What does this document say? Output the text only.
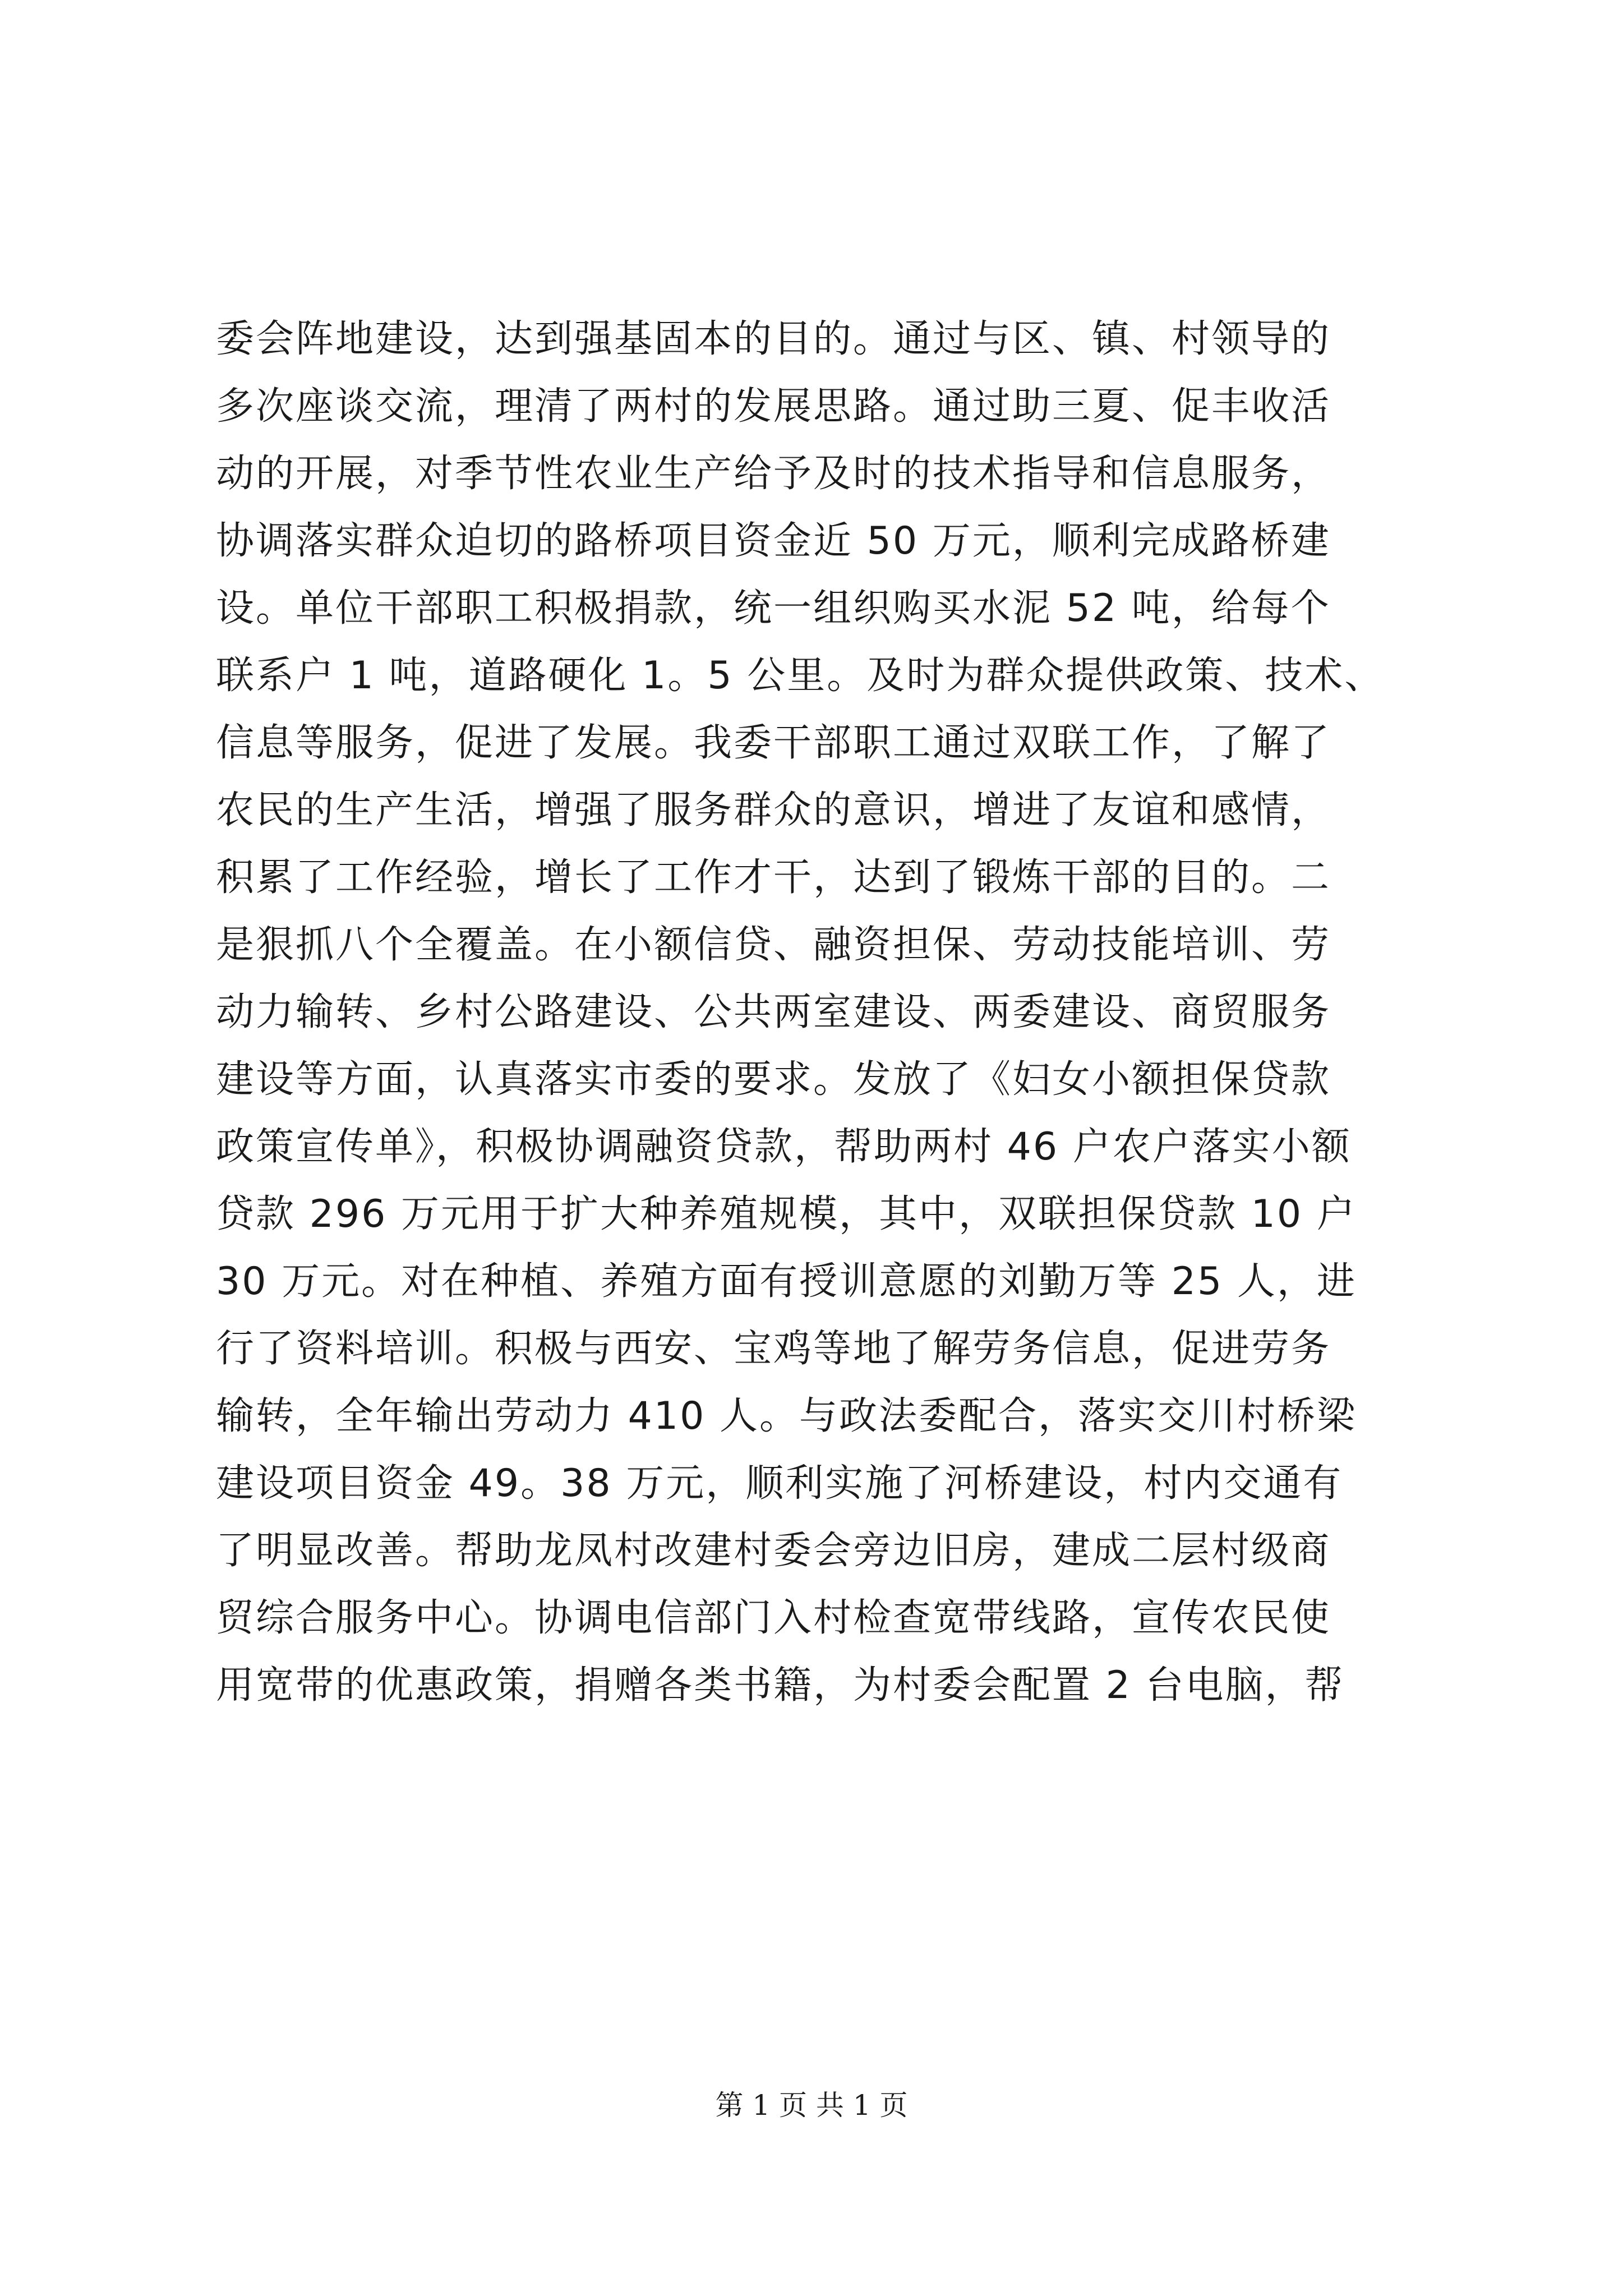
委会阵地建设，达到强基固本的目的。通过与区、镇、村领导的
多次座谈交流，理清了两村的发展思路。通过助三夏、促丰收活
动的开展，对季节性农业生产给予及时的技术指导和信息服务，
协调落实群众迫切的路桥项目资金近 50 万元，顺利完成路桥建
设。单位干部职工积极捐款，统一组织购买水泥 52 吨，给每个
联系户 1 吨，道路硬化 1。5 公里。及时为群众提供政策、技术、
信息等服务，促进了发展。我委干部职工通过双联工作，了解了
农民的生产生活，增强了服务群众的意识，增进了友谊和感情，
积累了工作经验，增长了工作才干，达到了锻炼干部的目的。二
是狠抓八个全覆盖。在小额信贷、融资担保、劳动技能培训、劳
动力输转、乡村公路建设、公共两室建设、两委建设、商贸服务
建设等方面，认真落实市委的要求。发放了《妇女小额担保贷款
政策宣传单》，积极协调融资贷款，帮助两村 46 户农户落实小额
贷款 296 万元用于扩大种养殖规模，其中，双联担保贷款 10 户
30 万元。对在种植、养殖方面有授训意愿的刘勤万等 25 人，进
行了资料培训。积极与西安、宝鸡等地了解劳务信息，促进劳务
输转，全年输出劳动力 410 人。与政法委配合，落实交川村桥梁
建设项目资金 49。38 万元，顺利实施了河桥建设，村内交通有
了明显改善。帮助龙凤村改建村委会旁边旧房，建成二层村级商
贸综合服务中心。协调电信部门入村检查宽带线路，宣传农民使
用宽带的优惠政策，捐赠各类书籍，为村委会配置 2 台电脑，帮
第 1 页 共 1 页
